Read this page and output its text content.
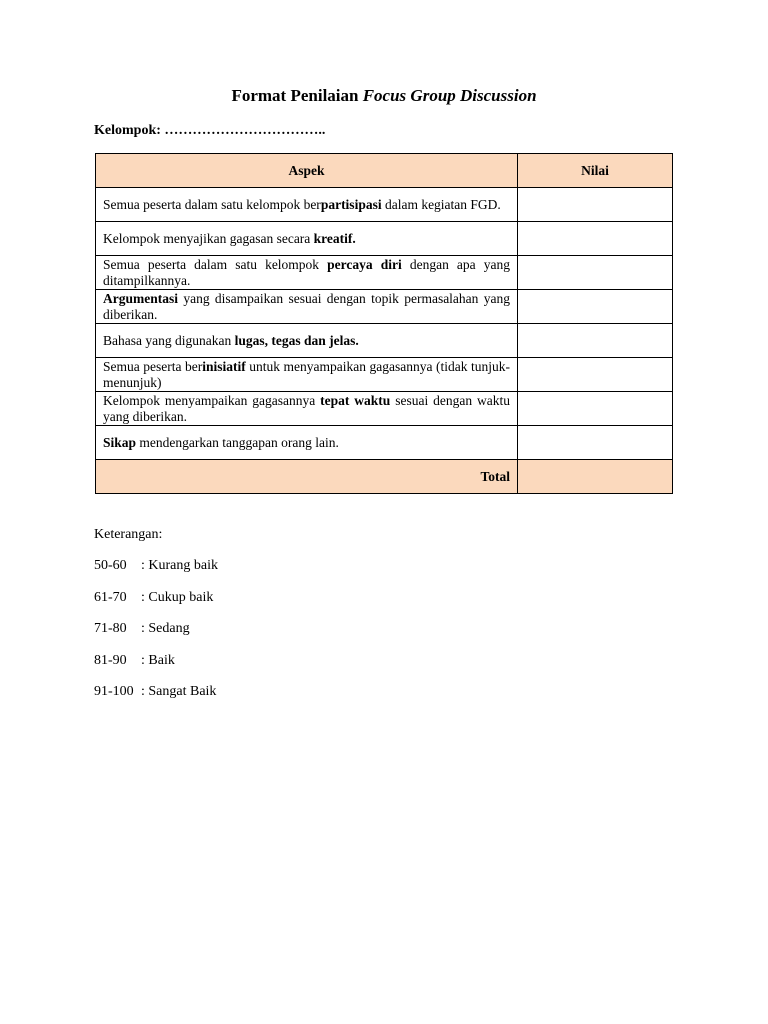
Format Penilaian Focus Group Discussion
Kelompok: ……………………………..
Aspek	Nilai

Semua peserta dalam satu kelompok berpartisipasi dalam kegiatan FGD.	

Kelompok menyajikan gagasan secara kreatif.	

Semua peserta dalam satu kelompok percaya diri dengan apa yang ditampilkannya.	

Argumentasi yang disampaikan sesuai dengan topik permasalahan yang diberikan.	

Bahasa yang digunakan lugas, tegas dan jelas.	

Semua peserta berinisiatif untuk menyampaikan gagasannya (tidak tunjuk-menunjuk)	

Kelompok menyampaikan gagasannya tepat waktu sesuai dengan waktu yang diberikan.	

Sikap mendengarkan tanggapan orang lain.	

Total	
Keterangan:
50-60	: Kurang baik
61-70	: Cukup baik
71-80	: Sedang
81-90	: Baik
91-100 : Sangat Baik
